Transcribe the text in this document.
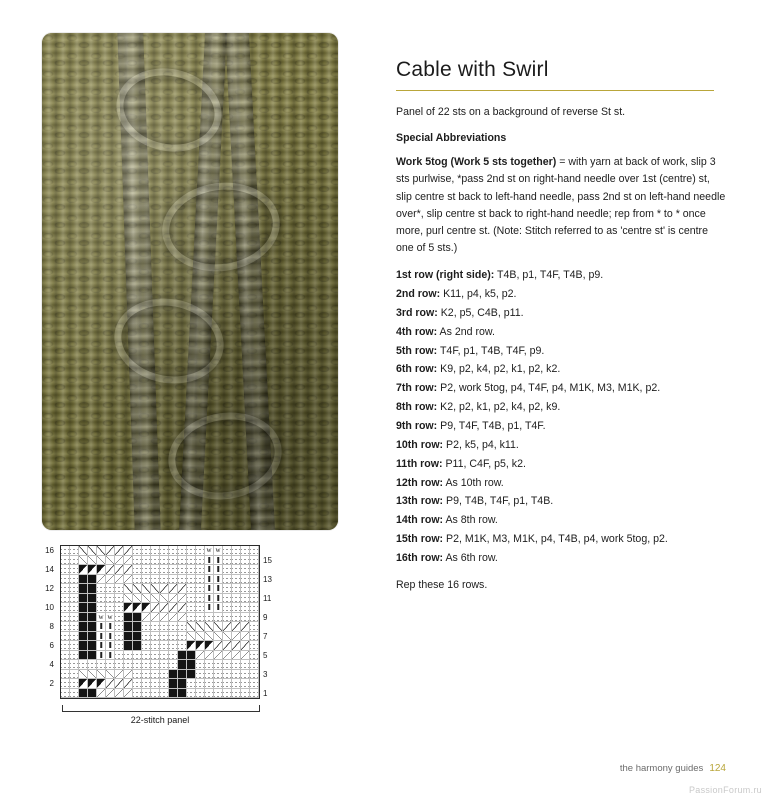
w
w
w
w
16
14
12
10
8
6
4
2
15
13
11
9
7
5
3
1
22-stitch panel
Cable with Swirl

Panel of 22 sts on a background of reverse St st.

Special Abbreviations

Work 5tog (Work 5 sts together) = with yarn at back of work, slip 3 sts purlwise, *pass 2nd st on right-hand needle over 1st (centre) st, slip centre st back to left-hand needle, pass 2nd st on left-hand needle over*, slip centre st back to right-hand needle; rep from * to * once more, purl centre st. (Note: Stitch referred to as 'centre st' is centre one of 5 sts.)

1st row (right side): T4B, p1, T4F, T4B, p9.

2nd row: K11, p4, k5, p2.

3rd row: K2, p5, C4B, p11.

4th row: As 2nd row.

5th row: T4F, p1, T4B, T4F, p9.

6th row: K9, p2, k4, p2, k1, p2, k2.

7th row: P2, work 5tog, p4, T4F, p4, M1K, M3, M1K, p2.

8th row: K2, p2, k1, p2, k4, p2, k9.

9th row: P9, T4F, T4B, p1, T4F.

10th row: P2, k5, p4, k11.

11th row: P11, C4F, p5, k2.

12th row: As 10th row.

13th row: P9, T4B, T4F, p1, T4B.

14th row: As 8th row.

15th row: P2, M1K, M3, M1K, p4, T4B, p4, work 5tog, p2.

16th row: As 6th row.

Rep these 16 rows.

the harmony guides 124
PassionForum.ru
